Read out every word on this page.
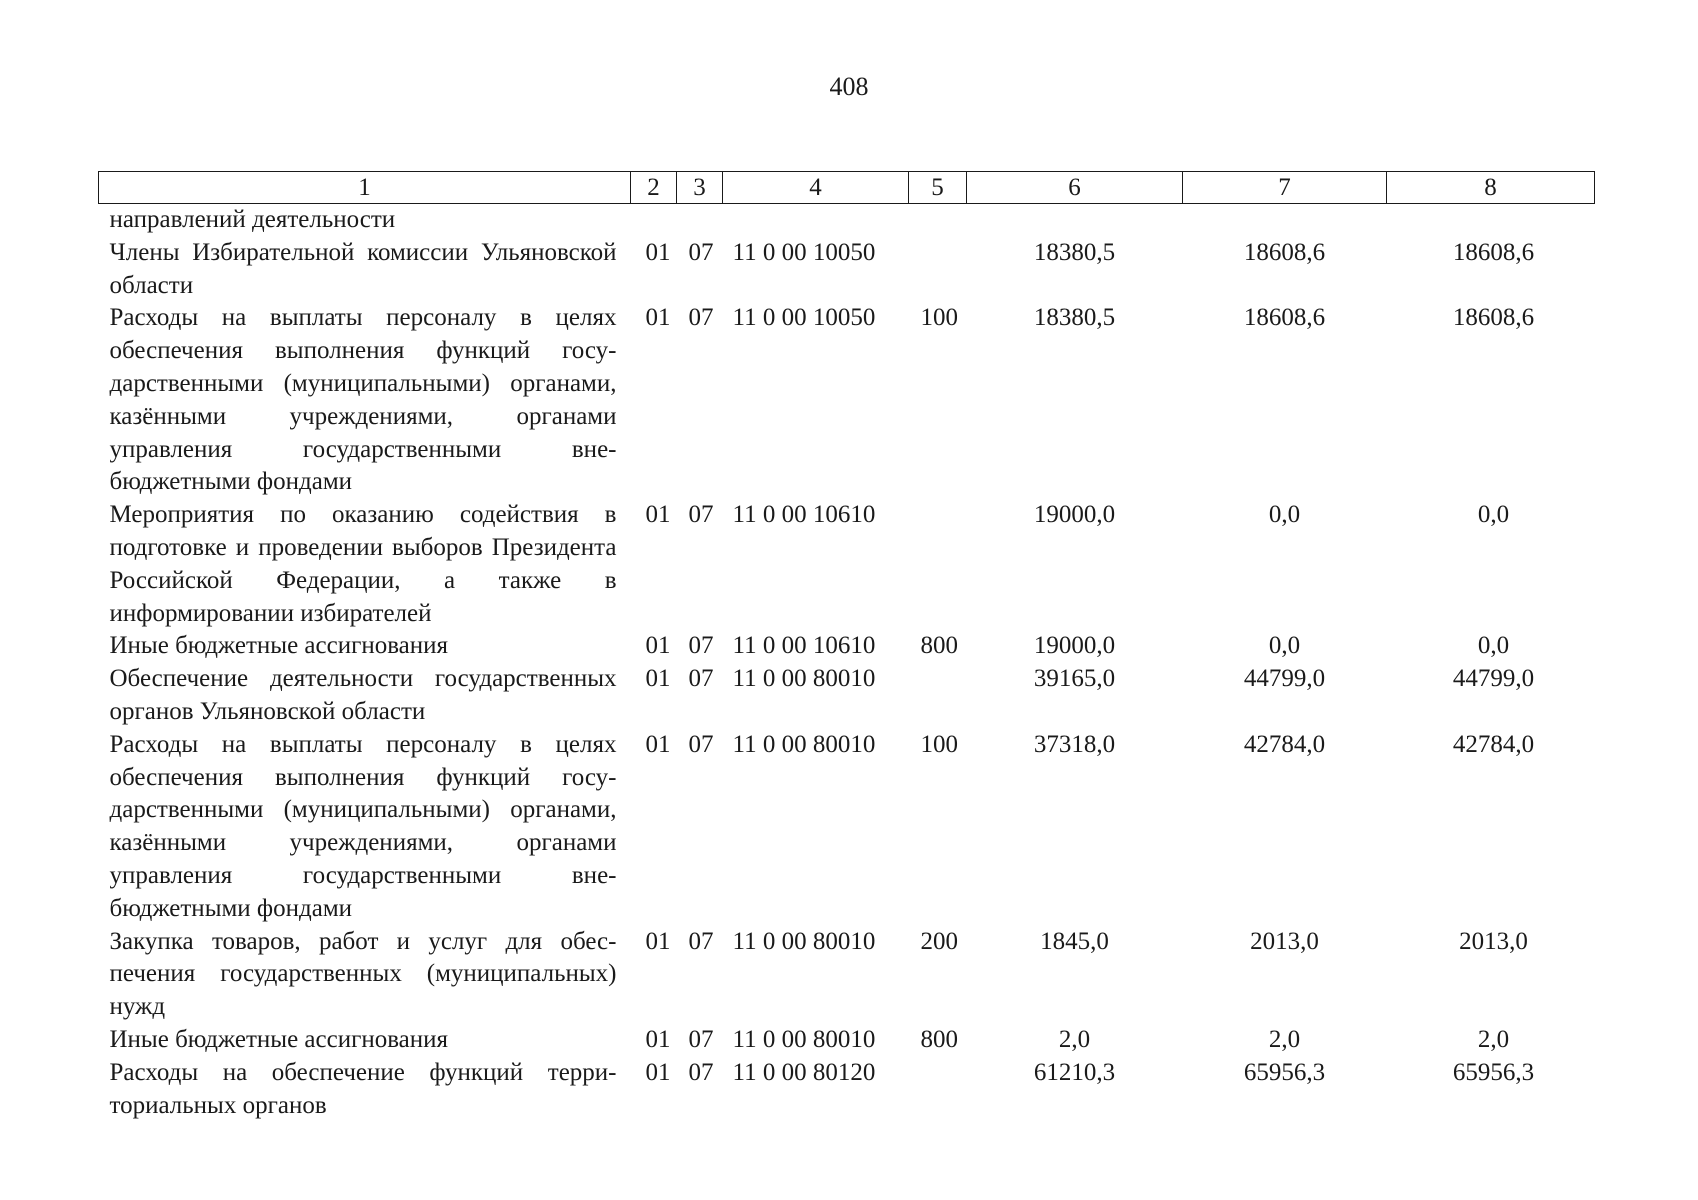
408
1	2	3	4	5	6	7	8
направлений деятельности							
Члены Избирательной комиссии Ульяновской области	01	07	11 0 00 10050		18380,5	18608,6	18608,6
Расходы на выплаты персоналу в целях обеспечения выполнения функций государственными (муниципальными) органами, казёнными учреждениями, органами управления государственными внебюджетными фондами	01	07	11 0 00 10050	100	18380,5	18608,6	18608,6
Мероприятия по оказанию содействия в подготовке и проведении выборов Президента Российской Федерации, а также в информировании избирателей	01	07	11 0 00 10610		19000,0	0,0	0,0
Иные бюджетные ассигнования	01	07	11 0 00 10610	800	19000,0	0,0	0,0
Обеспечение деятельности государственных органов Ульяновской области	01	07	11 0 00 80010		39165,0	44799,0	44799,0
Расходы на выплаты персоналу в целях обеспечения выполнения функций государственными (муниципальными) органами, казёнными учреждениями, органами управления государственными внебюджетными фондами	01	07	11 0 00 80010	100	37318,0	42784,0	42784,0
Закупка товаров, работ и услуг для обеспечения государственных (муниципальных) нужд	01	07	11 0 00 80010	200	1845,0	2013,0	2013,0
Иные бюджетные ассигнования	01	07	11 0 00 80010	800	2,0	2,0	2,0
Расходы на обеспечение функций территориальных органов	01	07	11 0 00 80120		61210,3	65956,3	65956,3
